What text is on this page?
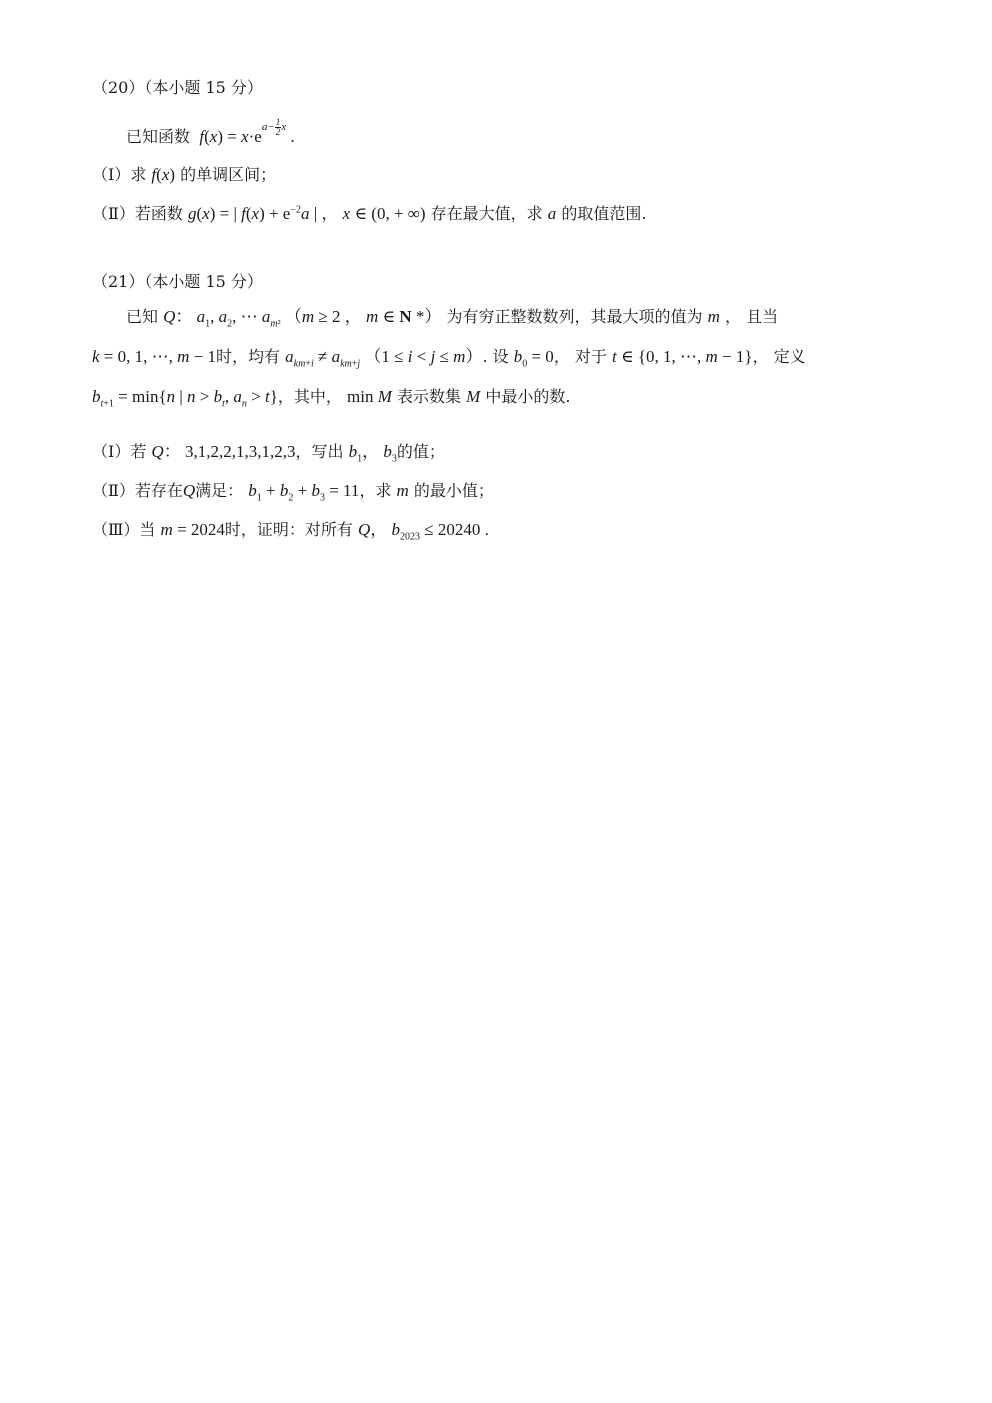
（20）（本小题 15 分）
已知函数 $f(x) = x\cdot e^{a- \frac{1}{2} x}$ .
（Ⅰ）求 f(x) 的单调区间；
（Ⅱ）若函数 g(x) = | $f(x) + e^{-2}a$ | ， x ∈ (0, + ∞) 存在最大值，求 a 的取值范围.
（21）（本小题 15 分）
已知 Q： $a_1$, $a_2$, ⋯ $a_{m^2}$ （m ≥ 2 ， m ∈ N *） 为有穷正整数数列，其最大项的值为 m ， 且当
k = 0, 1, ⋯, m − 1时，均有 $a_{km+i} \ne a_{km+j}$ （1 ≤ i < j ≤ m）. 设 $b_0 = 0$， 对于 t ∈ {0, 1, ⋯, m − 1}， 定义
$b_{t+1} = \min\{n$ | $n > b_t$, $a_n > t$}，其中， min M 表示数集 M 中最小的数.
（Ⅰ）若 Q： 3,1,2,2,1,3,1,2,3，写出 $b_1$， $b_3$的值；
（Ⅱ）若存在Q满足： $b_1 + b_2 + b_3 = 11$，求 m 的最小值；
（Ⅲ）当 m = 2024时，证明：对所有 Q， $b_{2023} \le 20240$ .
